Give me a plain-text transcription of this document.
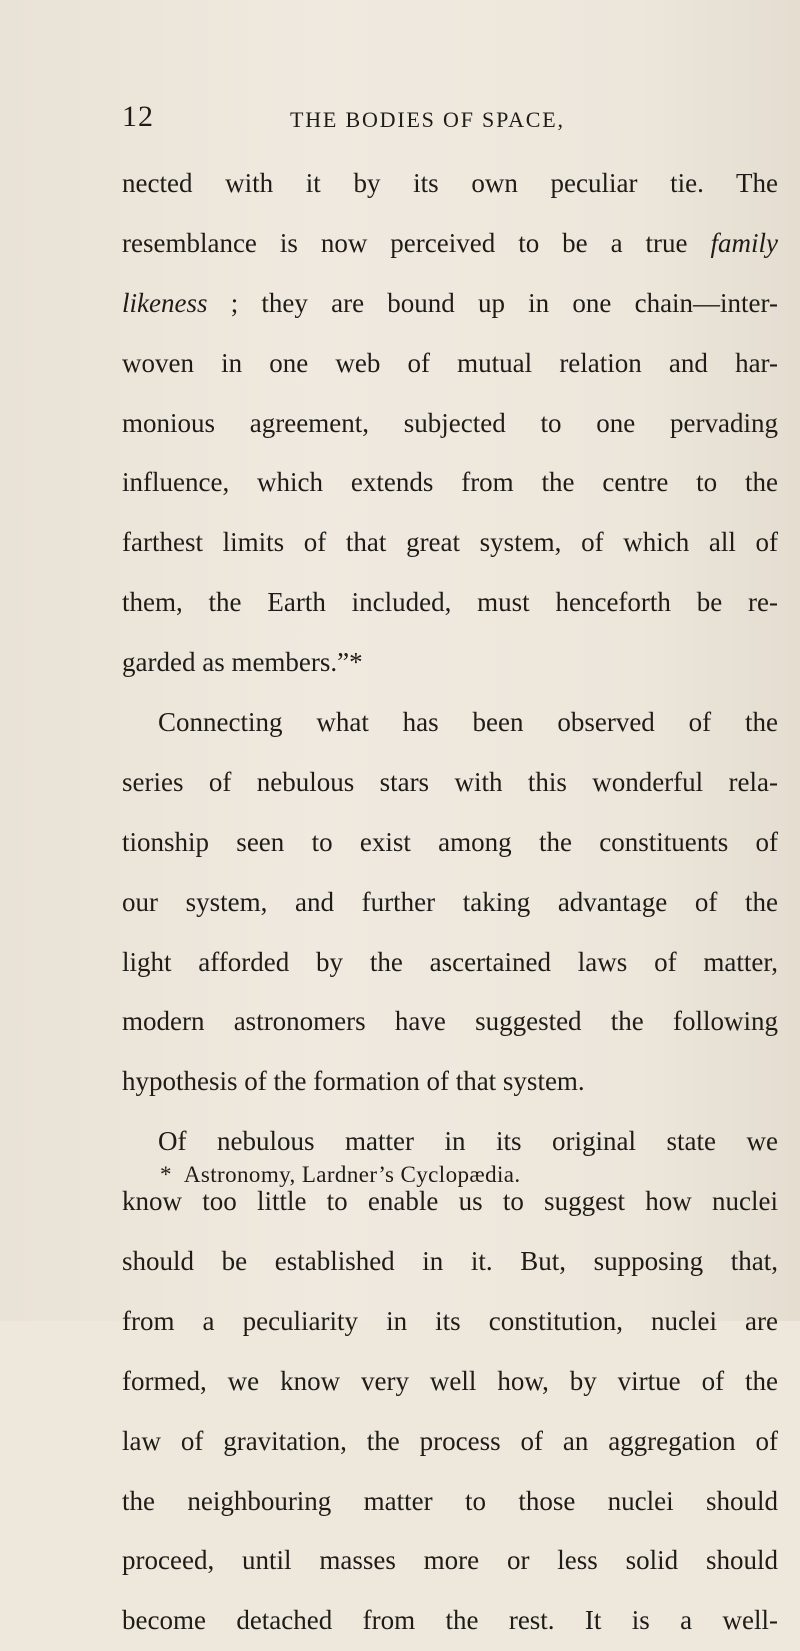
12	THE BODIES OF SPACE,
nected with it by its own peculiar tie. The
resemblance is now perceived to be a true family
likeness ; they are bound up in one chain—inter-
woven in one web of mutual relation and har-
monious agreement, subjected to one pervading
influence, which extends from the centre to the
farthest limits of that great system, of which all of
them, the Earth included, must henceforth be re-
garded as members.”*
Connecting what has been observed of the
series of nebulous stars with this wonderful rela-
tionship seen to exist among the constituents of
our system, and further taking advantage of the
light afforded by the ascertained laws of matter,
modern astronomers have suggested the following
hypothesis of the formation of that system.
Of nebulous matter in its original state we
know too little to enable us to suggest how nuclei
should be established in it. But, supposing that,
from a peculiarity in its constitution, nuclei are
formed, we know very well how, by virtue of the
law of gravitation, the process of an aggregation of
the neighbouring matter to those nuclei should
proceed, until masses more or less solid should
become detached from the rest. It is a well-
* Astronomy, Lardner’s Cyclopædia.
